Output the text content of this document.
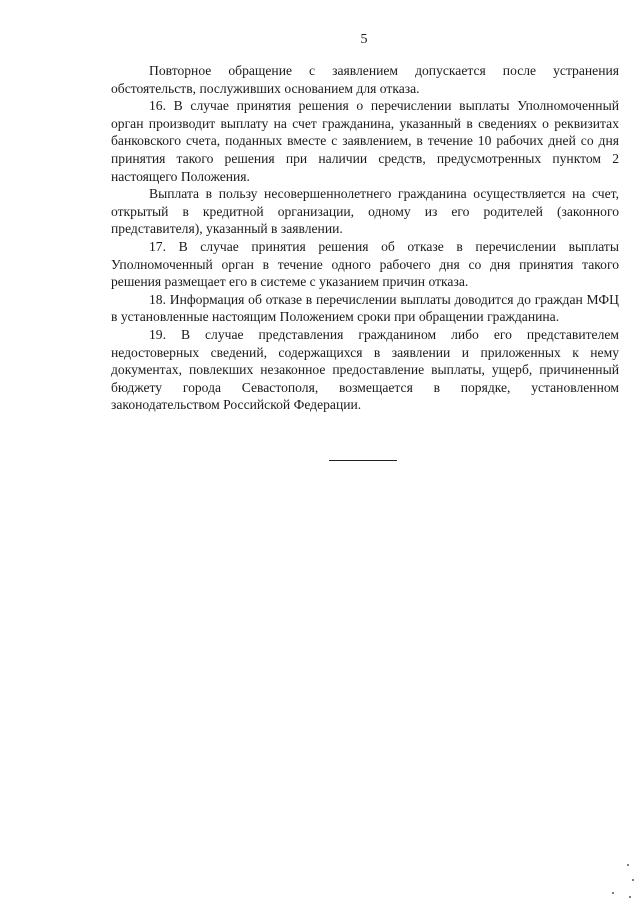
5

Повторное обращение с заявлением допускается после устранения обстоятельств, послуживших основанием для отказа.

16. В случае принятия решения о перечислении выплаты Уполномоченный орган производит выплату на счет гражданина, указанный в сведениях о реквизитах банковского счета, поданных вместе с заявлением, в течение 10 рабочих дней со дня принятия такого решения при наличии средств, предусмотренных пунктом 2 настоящего Положения.

Выплата в пользу несовершеннолетнего гражданина осуществляется на счет, открытый в кредитной организации, одному из его родителей (законного представителя), указанный в заявлении.

17. В случае принятия решения об отказе в перечислении выплаты Уполномоченный орган в течение одного рабочего дня со дня принятия такого решения размещает его в системе с указанием причин отказа.

18. Информация об отказе в перечислении выплаты доводится до граждан МФЦ в установленные настоящим Положением сроки при обращении гражданина.

19. В случае представления гражданином либо его представителем недостоверных сведений, содержащихся в заявлении и приложенных к нему документах, повлекших незаконное предоставление выплаты, ущерб, причиненный бюджету города Севастополя, возмещается в порядке, установленном законодательством Российской Федерации.
